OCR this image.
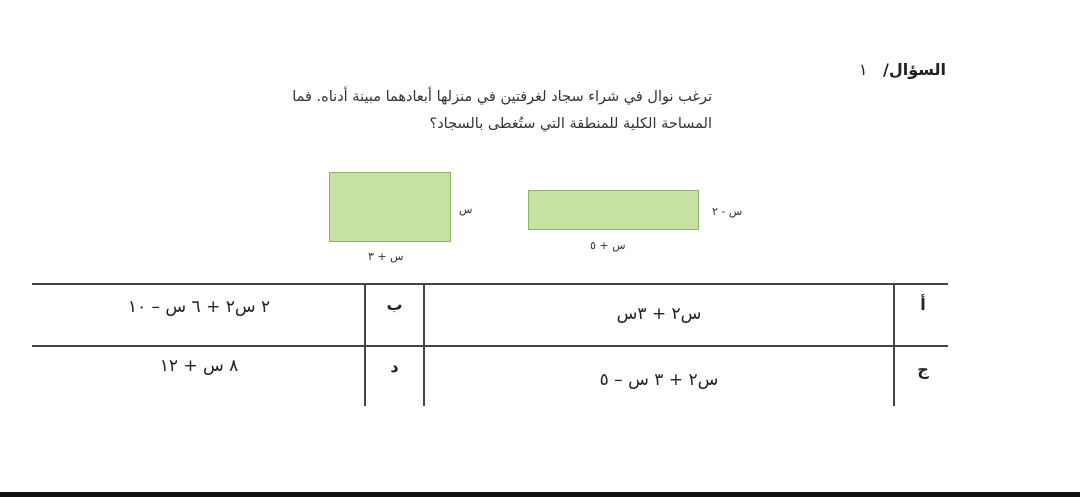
السؤال/ ١
ترغب نوال في شراء سجاد لغرفتين في منزلها أبعادهما مبينة أدناه. فما المساحة الكلية للمنطقة التي ستُغطى بالسجاد؟
س
س + ٣
س - ٢
س + ٥
أ
س٢ + ٣س
ب
٢ س٢ + ٦ س – ١٠
ج
س٢ + ٣ س – ٥
د
٨ س + ١٢
